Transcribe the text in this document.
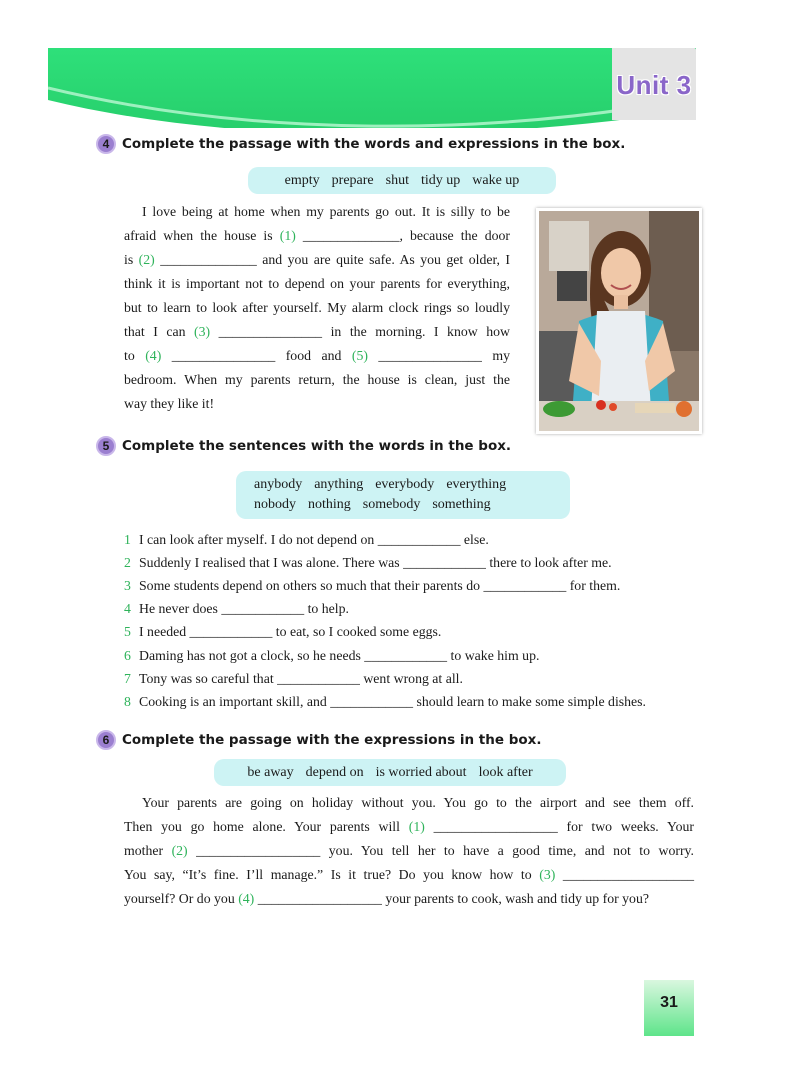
Unit 3
4 Complete the passage with the words and expressions in the box.
empty prepare shut tidy up wake up
I love being at home when my parents go out. It is silly to be
afraid when the house is (1) ______________, because the door
is (2) ______________ and you are quite safe. As you get older, I
think it is important not to depend on your parents for everything,
but to learn to look after yourself. My alarm clock rings so loudly
that I can (3) _______________ in the morning. I know how
to (4) _______________ food and (5) _______________ my
bedroom. When my parents return, the house is clean, just the
way they like it!
5 Complete the sentences with the words in the box.
anybody anything everybody everything
nobody nothing somebody something
1 I can look after myself. I do not depend on ____________ else.
2 Suddenly I realised that I was alone. There was ____________ there to look after me.
3 Some students depend on others so much that their parents do ____________ for them.
4 He never does ____________ to help.
5 I needed ____________ to eat, so I cooked some eggs.
6 Daming has not got a clock, so he needs ____________ to wake him up.
7 Tony was so careful that ____________ went wrong at all.
8 Cooking is an important skill, and ____________ should learn to make some simple dishes.
6 Complete the passage with the expressions in the box.
be away depend on is worried about look after
Your parents are going on holiday without you. You go to the airport and see them off.
Then you go home alone. Your parents will (1) __________________ for two weeks. Your
mother (2) __________________ you. You tell her to have a good time, and not to worry.
You say, “It’s fine. I’ll manage.” Is it true? Do you know how to (3) ___________________
yourself? Or do you (4) __________________ your parents to cook, wash and tidy up for you?
31
